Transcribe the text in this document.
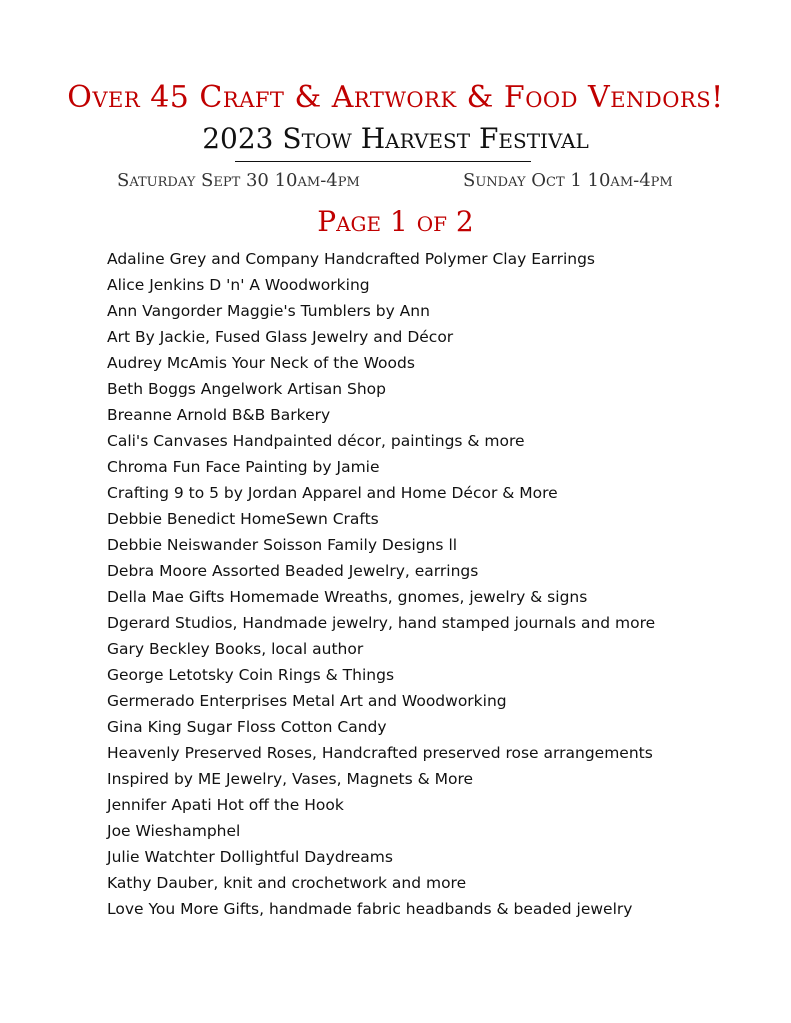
Over 45 Craft & Artwork & Food Vendors!
2023 Stow Harvest Festival
Saturday Sept 30 10am-4pm	Sunday Oct 1 10am-4pm
Page 1 of 2
Adaline Grey and Company Handcrafted Polymer Clay Earrings
Alice Jenkins D 'n' A Woodworking
Ann Vangorder Maggie's Tumblers by Ann
Art By Jackie, Fused Glass Jewelry and Décor
Audrey McAmis Your Neck of the Woods
Beth Boggs Angelwork Artisan Shop
Breanne Arnold B&B Barkery
Cali's Canvases Handpainted décor, paintings & more
Chroma Fun Face Painting by Jamie
Crafting 9 to 5 by Jordan Apparel and Home Décor & More
Debbie Benedict HomeSewn Crafts
Debbie Neiswander Soisson Family Designs ll
Debra Moore Assorted Beaded Jewelry, earrings
Della Mae Gifts Homemade Wreaths, gnomes, jewelry & signs
Dgerard Studios, Handmade jewelry, hand stamped journals and more
Gary Beckley Books, local author
George Letotsky Coin Rings & Things
Germerado Enterprises Metal Art and Woodworking
Gina King Sugar Floss Cotton Candy
Heavenly Preserved Roses, Handcrafted preserved rose arrangements
Inspired by ME Jewelry, Vases, Magnets & More
Jennifer Apati Hot off the Hook
Joe Wieshamphel
Julie Watchter Dollightful Daydreams
Kathy Dauber, knit and crochetwork and more
Love You More Gifts, handmade fabric headbands & beaded jewelry
